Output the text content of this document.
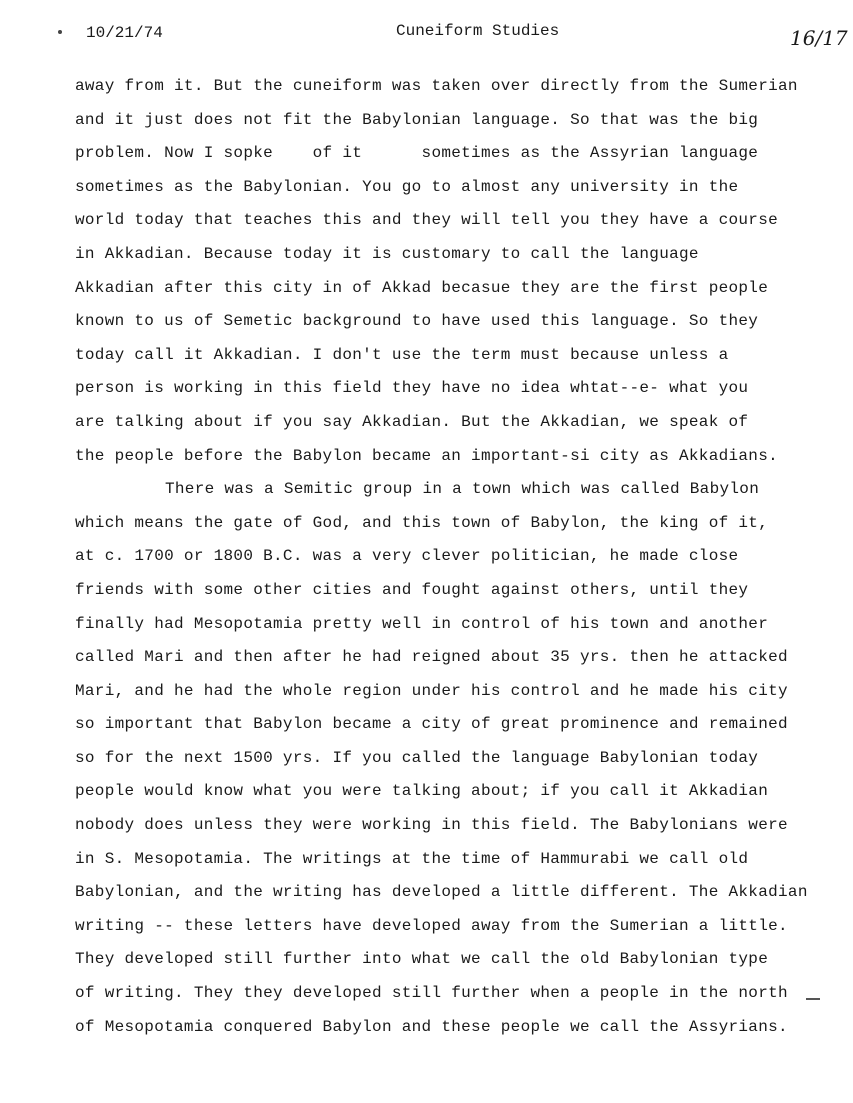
10/21/74	Cuneiform Studies	16/17
away from it. But the cuneiform was taken over directly from the Sumerian
and it just does not fit the Babylonian language. So that was the big
problem. Now I sopke    of it      sometimes as the Assyrian language
sometimes as the Babylonian. You go to almost any university in the
world today that teaches this and they will tell you they have a course
in Akkadian. Because today it is customary to call the language
Akkadian after this city in of Akkad becasue they are the first people
known to us of Semetic background to have used this language. So they
today call it Akkadian. I don't use the term must because unless a
person is working in this field they have no idea whtat--e- what you
are talking about if you say Akkadian. But the Akkadian, we speak of
the people before the Babylon became an important-si city as Akkadians.
There was a Semitic group in a town which was called Babylon
which means the gate of God, and this town of Babylon, the king of it,
at c. 1700 or 1800 B.C. was a very clever politician, he made close
friends with some other cities and fought against others, until they
finally had Mesopotamia pretty well in control of his town and another
called Mari and then after he had reigned about 35 yrs. then he attacked
Mari, and he had the whole region under his control and he made his city
so important that Babylon became a city of great prominence and remained
so for the next 1500 yrs. If you called the language Babylonian today
people would know what you were talking about; if you call it Akkadian
nobody does unless they were working in this field. The Babylonians were
in S. Mesopotamia. The writings at the time of Hammurabi we call old
Babylonian, and the writing has developed a little different. The Akkadian
writing -- these letters have developed away from the Sumerian a little.
They developed still further into what we call the old Babylonian type
of writing. They they developed still further when a people in the north
of Mesopotamia conquered Babylon and these people we call the Assyrians.
